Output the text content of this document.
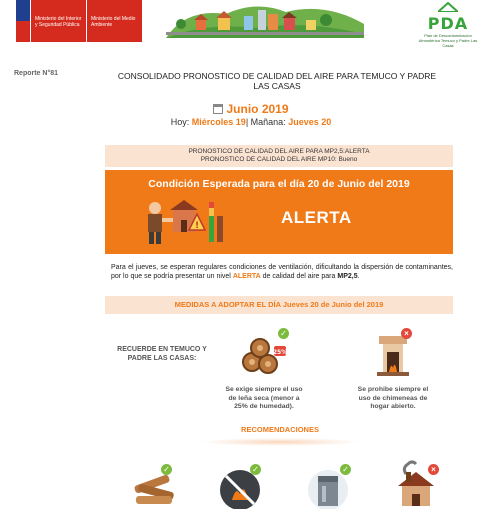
Ministerio del Interior y Seguridad Pública
Ministerio del Medio Ambiente	PDA
Plan de Descontaminación Atmosférica Temuco y Padre Las Casas
Reporte N°81	CONSOLIDADO PRONOSTICO DE CALIDAD DEL AIRE PARA TEMUCO Y PADRE LAS CASAS
Junio 2019
Hoy: Miércoles 19| Mañana: Jueves 20
PRONOSTICO DE CALIDAD DEL AIRE PARA MP2,5:ALERTA
PRONOSTICO DE CALIDAD DEL AIRE MP10: Bueno
Condición Esperada para el día 20 de Junio del 2019
!	ALERTA
Para el jueves, se esperan regulares condiciones de ventilación, dificultando la dispersión de contaminantes, por lo que se podría presentar un nivel ALERTA de calidad del aire para MP2,5.
MEDIDAS A ADOPTAR EL DÍA Jueves 20 de Junio del 2019
RECUERDE EN TEMUCO Y PADRE LAS CASAS:
25%
✓
Se exige siempre el uso de leña seca (menor a 25% de humedad).
×
Se prohibe siempre el uso de chimeneas de hogar abierto.
RECOMENDACIONES
✓	✓	✓	×
